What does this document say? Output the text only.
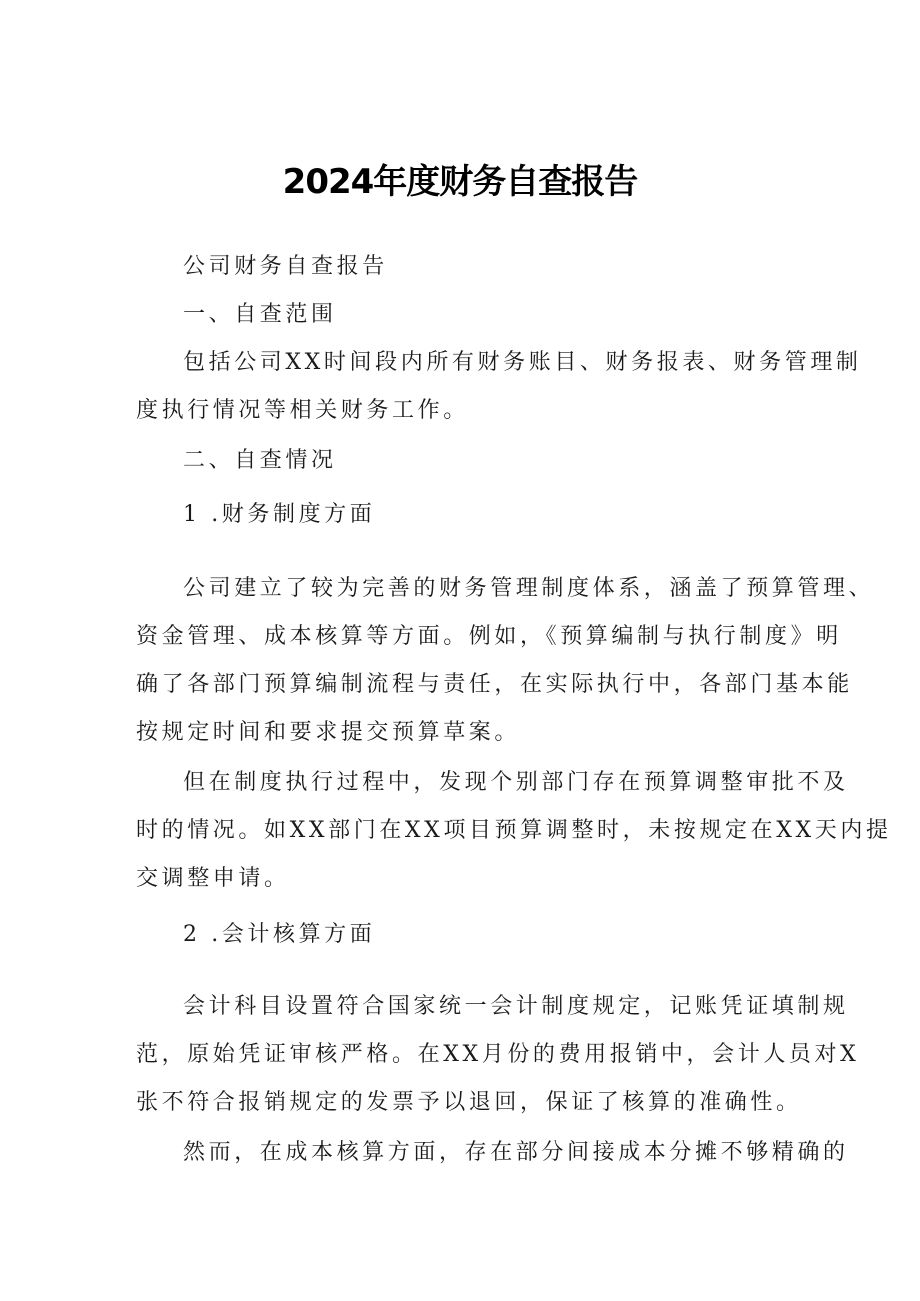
2024年度财务自查报告
公司财务自查报告
一、自查范围
包括公司XX时间段内所有财务账目、财务报表、财务管理制
度执行情况等相关财务工作。
二、自查情况
1 .财务制度方面
公司建立了较为完善的财务管理制度体系，涵盖了预算管理、
资金管理、成本核算等方面。例如，《预算编制与执行制度》明
确了各部门预算编制流程与责任，在实际执行中，各部门基本能
按规定时间和要求提交预算草案。
但在制度执行过程中，发现个别部门存在预算调整审批不及
时的情况。如XX部门在XX项目预算调整时，未按规定在XX天内提
交调整申请。
2 .会计核算方面
会计科目设置符合国家统一会计制度规定，记账凭证填制规
范，原始凭证审核严格。在XX月份的费用报销中，会计人员对X
张不符合报销规定的发票予以退回，保证了核算的准确性。
然而，在成本核算方面，存在部分间接成本分摊不够精确的
